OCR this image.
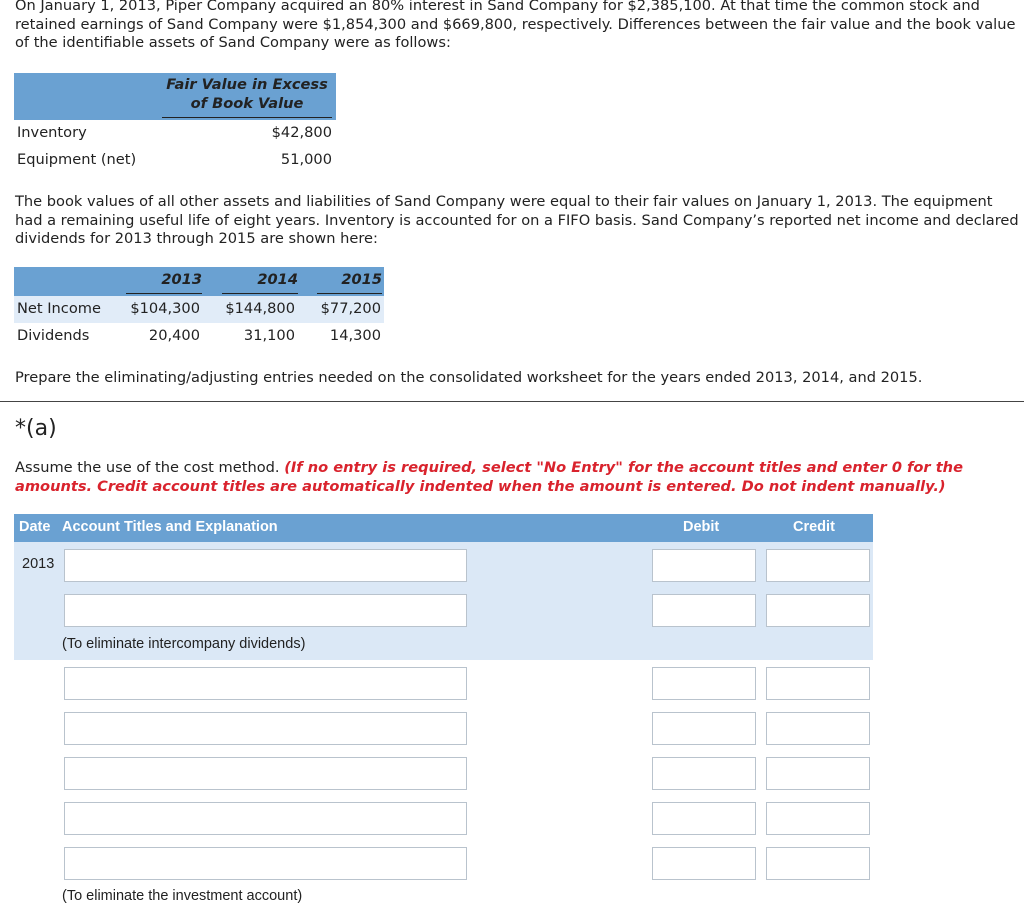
On January 1, 2013, Piper Company acquired an 80% interest in Sand Company for $2,385,100. At that time the common stock and retained earnings of Sand Company were $1,854,300 and $669,800, respectively. Differences between the fair value and the book value of the identifiable assets of Sand Company were as follows:

Fair Value in Excess
of Book Value
Inventory	$42,800
Equipment (net)	51,000

The book values of all other assets and liabilities of Sand Company were equal to their fair values on January 1, 2013. The equipment had a remaining useful life of eight years. Inventory is accounted for on a FIFO basis. Sand Company’s reported net income and declared dividends for 2013 through 2015 are shown here:

2013	2014	2015
Net Income $104,300 $144,800 $77,200
Dividends	20,400	31,100 14,300

Prepare the eliminating/adjusting entries needed on the consolidated worksheet for the years ended 2013, 2014, and 2015.

*(a)
Assume the use of the cost method. (If no entry is required, select "No Entry" for the account titles and enter 0 for the amounts. Credit account titles are automatically indented when the amount is entered. Do not indent manually.)
Date Account Titles and Explanation	Debit	Credit
2013
(To eliminate intercompany dividends)
(To eliminate the investment account)
